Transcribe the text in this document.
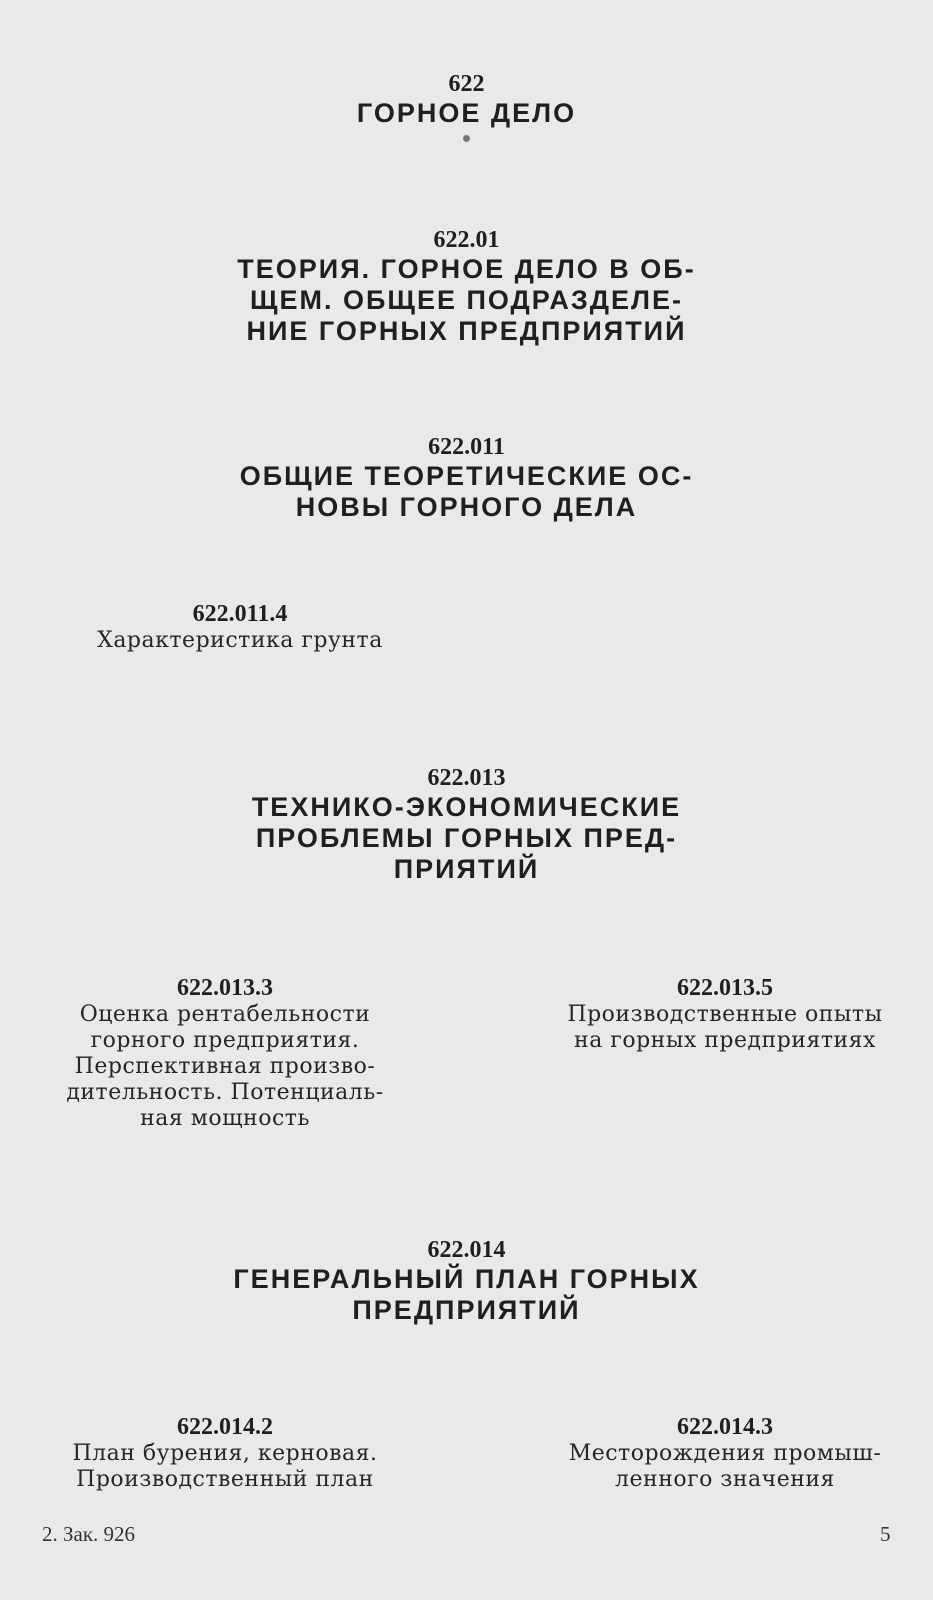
622
ГОРНОЕ ДЕЛО
622.01
ТЕОРИЯ. ГОРНОЕ ДЕЛО В ОБ-
ЩЕМ. ОБЩЕЕ ПОДРАЗДЕЛЕ-
НИЕ ГОРНЫХ ПРЕДПРИЯТИЙ
622.011
ОБЩИЕ ТЕОРЕТИЧЕСКИЕ ОС-
НОВЫ ГОРНОГО ДЕЛА
622.011.4
Характеристика грунта
622.013
ТЕХНИКО-ЭКОНОМИЧЕСКИЕ
ПРОБЛЕМЫ ГОРНЫХ ПРЕД-
ПРИЯТИЙ
622.013.3
Оценка рентабельности
горного предприятия.
Перспективная произво-
дительность. Потенциаль-
ная мощность
622.013.5
Производственные опыты
на горных предприятиях
622.014
ГЕНЕРАЛЬНЫЙ ПЛАН ГОРНЫХ
ПРЕДПРИЯТИЙ
622.014.2
План бурения, керновая.
Производственный план
622.014.3
Месторождения промыш-
ленного значения
2. Зак. 926	5
